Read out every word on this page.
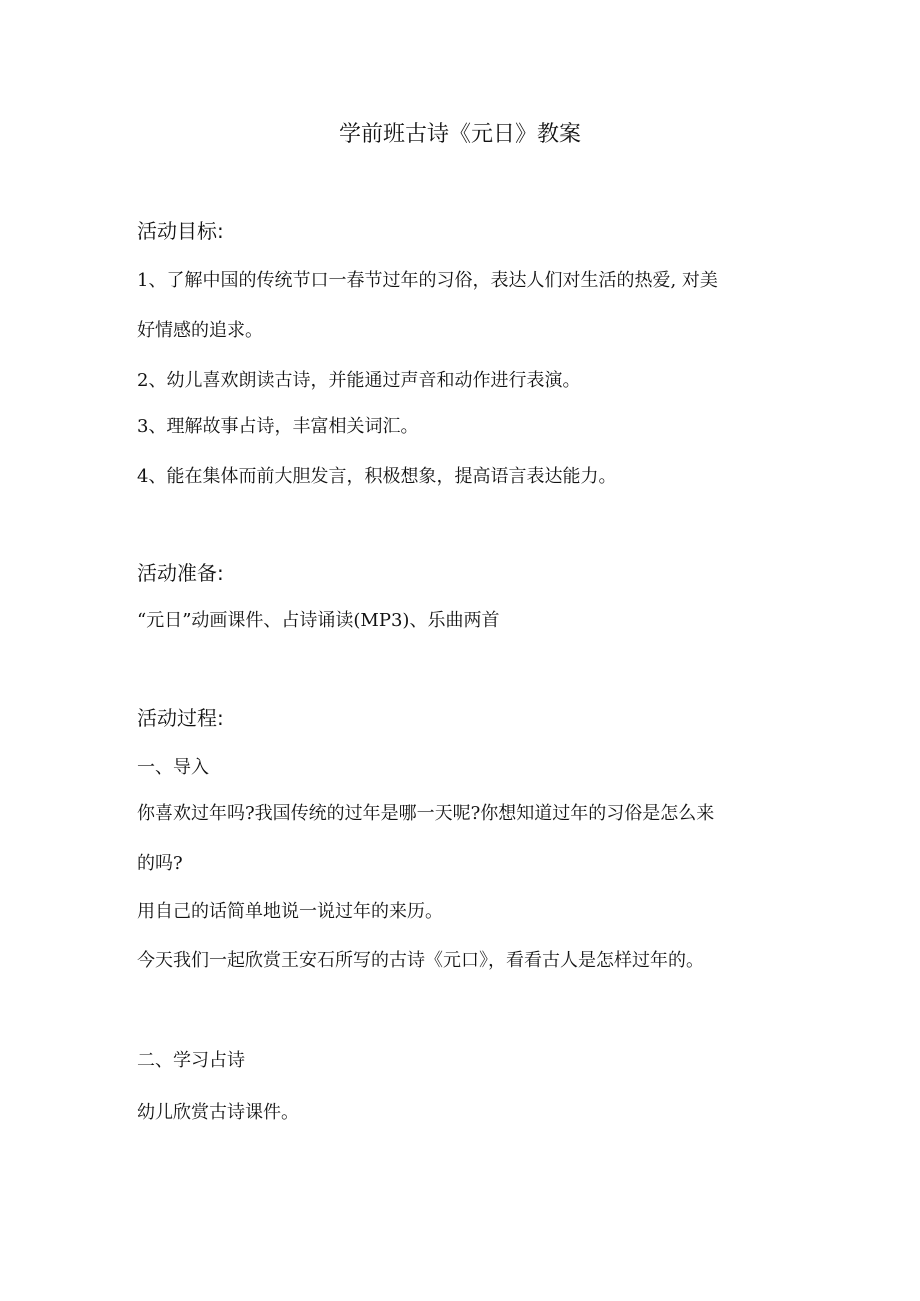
学前班古诗《元日》教案
活动目标:
1、了解中国的传统节口一春节过年的习俗，表达人们对生活的热爱, 对美
好情感的追求。
2、幼儿喜欢朗读古诗，并能通过声音和动作进行表演。
3、理解故事占诗，丰富相关词汇。
4、能在集体而前大胆发言，积极想象，提高语言表达能力。
活动准备:
“元日”动画课件、占诗诵读(MP3)、乐曲两首
活动过程:
一、导入
你喜欢过年吗?我国传统的过年是哪一天呢?你想知道过年的习俗是怎么来
的吗?
用自己的话简单地说一说过年的来历。
今天我们一起欣赏王安石所写的古诗《元口》，看看古人是怎样过年的。
二、学习占诗
幼儿欣赏古诗课件。
